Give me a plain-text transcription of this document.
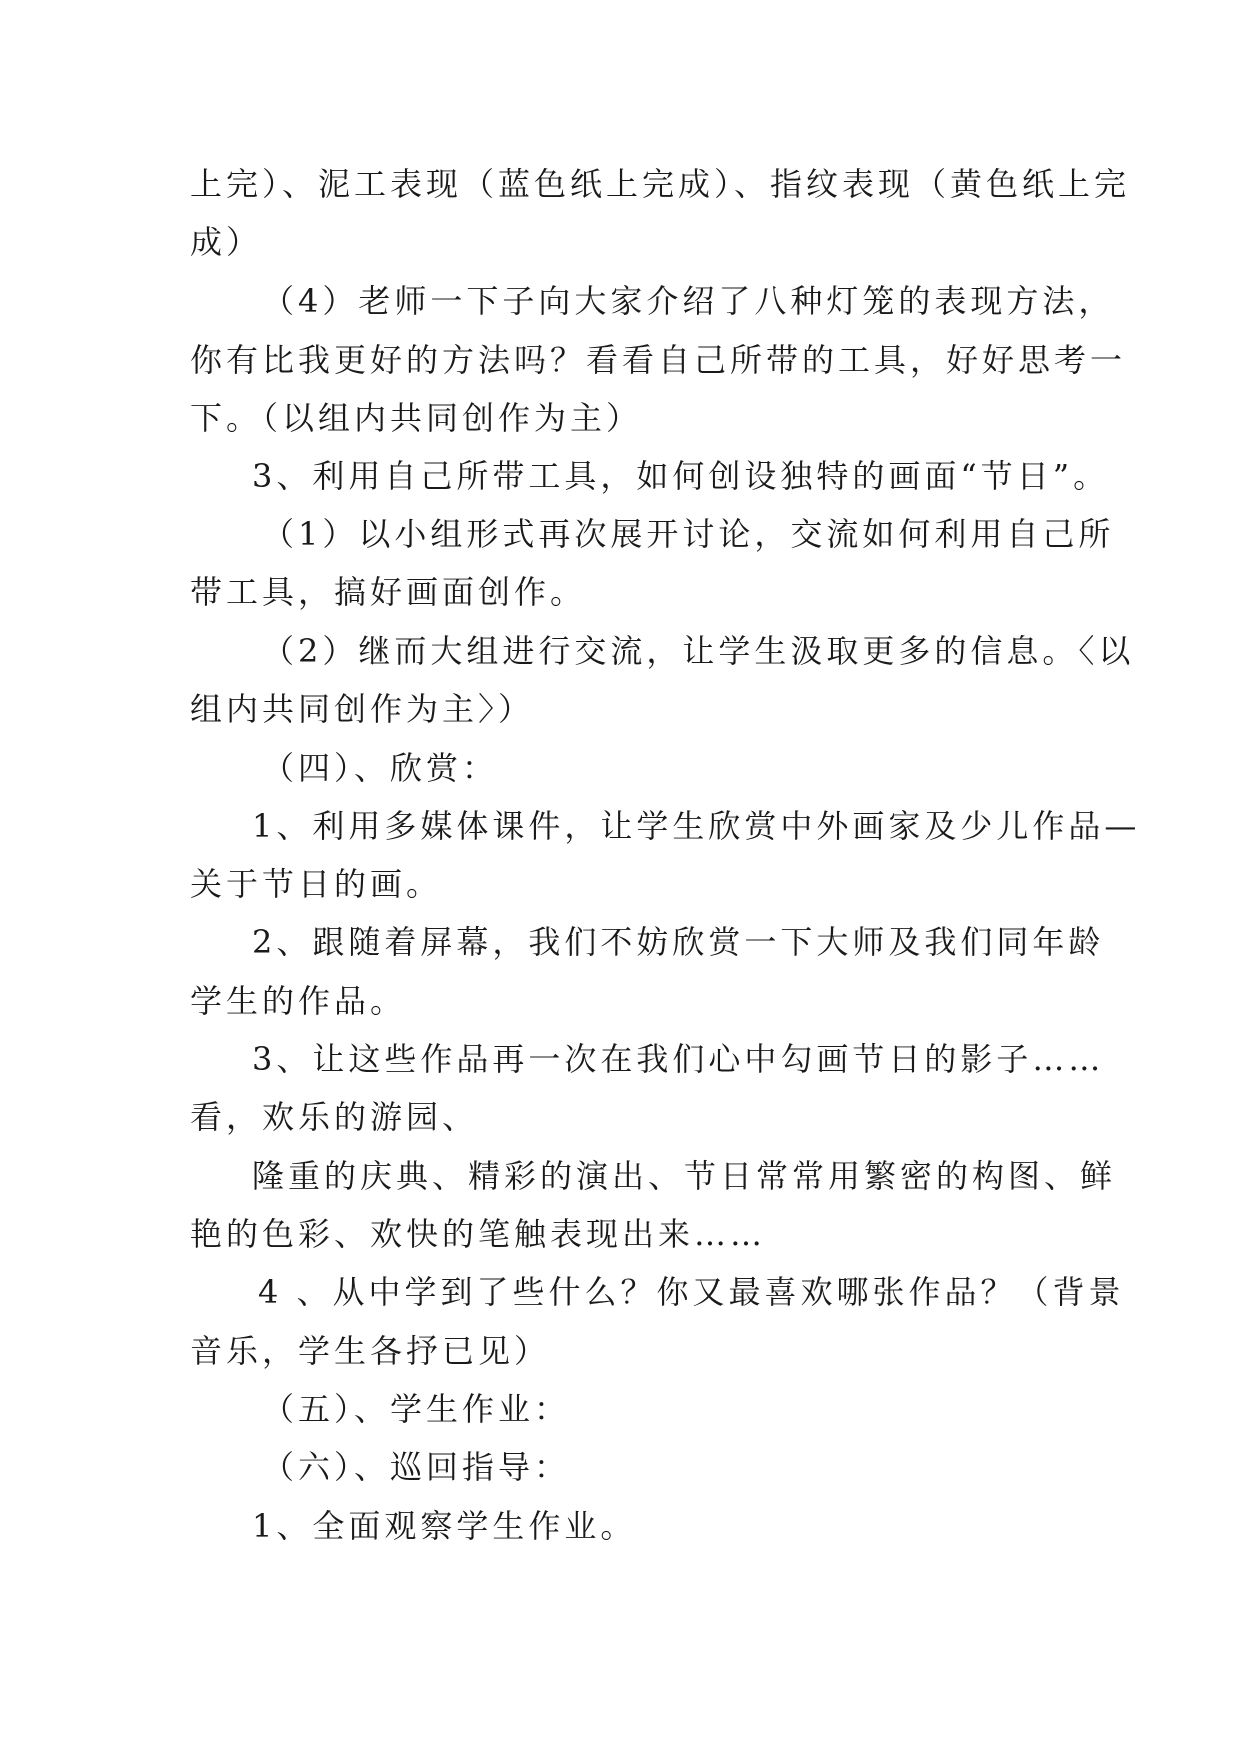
上完）、泥工表现（蓝色纸上完成）、指纹表现（黄色纸上完
成）
（4）老师一下子向大家介绍了八种灯笼的表现方法，
你有比我更好的方法吗？看看自己所带的工具，好好思考一
下。（以组内共同创作为主）
3、利用自己所带工具，如何创设独特的画面“节日”。
（1）以小组形式再次展开讨论，交流如何利用自己所
带工具，搞好画面创作。
（2）继而大组进行交流，让学生汲取更多的信息。〈以
组内共同创作为主〉）
（四）、欣赏：
1、利用多媒体课件，让学生欣赏中外画家及少儿作品—
关于节日的画。
2、跟随着屏幕，我们不妨欣赏一下大师及我们同年龄
学生的作品。
3、让这些作品再一次在我们心中勾画节日的影子……
看，欢乐的游园、
隆重的庆典、精彩的演出、节日常常用繁密的构图、鲜
艳的色彩、欢快的笔触表现出来……
4 、从中学到了些什么？你又最喜欢哪张作品？（背景
音乐，学生各抒已见）
（五）、学生作业：
（六）、巡回指导：
1、全面观察学生作业。
